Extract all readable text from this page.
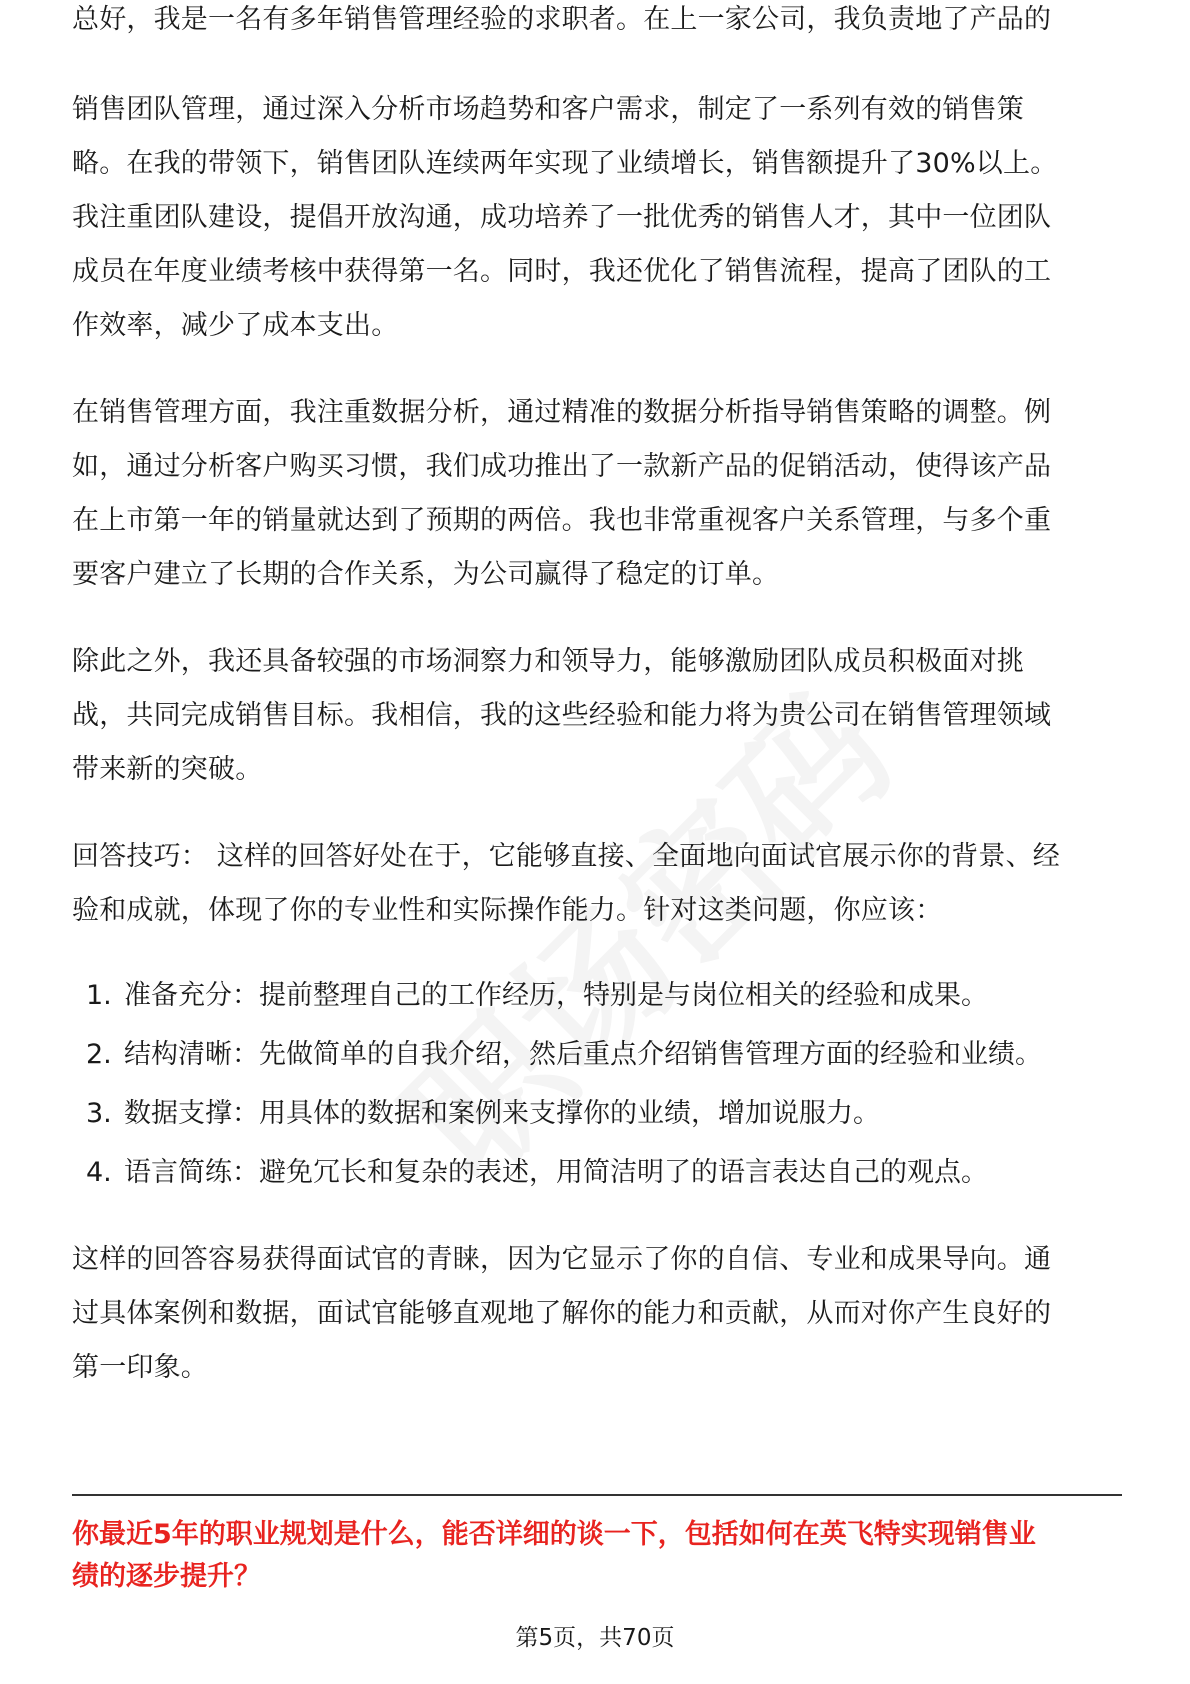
总好，我是一名有多年销售管理经验的求职者。在上一家公司，我负责地了产品的
销售团队管理，通过深入分析市场趋势和客户需求，制定了一系列有效的销售策
略。在我的带领下，销售团队连续两年实现了业绩增长，销售额提升了30%以上。
我注重团队建设，提倡开放沟通，成功培养了一批优秀的销售人才，其中一位团队
成员在年度业绩考核中获得第一名。同时，我还优化了销售流程，提高了团队的工
作效率，减少了成本支出。
在销售管理方面，我注重数据分析，通过精准的数据分析指导销售策略的调整。例
如，通过分析客户购买习惯，我们成功推出了一款新产品的促销活动，使得该产品
在上市第一年的销量就达到了预期的两倍。我也非常重视客户关系管理，与多个重
要客户建立了长期的合作关系，为公司赢得了稳定的订单。
除此之外，我还具备较强的市场洞察力和领导力，能够激励团队成员积极面对挑
战，共同完成销售目标。我相信，我的这些经验和能力将为贵公司在销售管理领域
带来新的突破。
回答技巧： 这样的回答好处在于，它能够直接、全面地向面试官展示你的背景、经
验和成就，体现了你的专业性和实际操作能力。针对这类问题，你应该：
1. 准备充分：提前整理自己的工作经历，特别是与岗位相关的经验和成果。
2. 结构清晰：先做简单的自我介绍，然后重点介绍销售管理方面的经验和业绩。
3. 数据支撑：用具体的数据和案例来支撑你的业绩，增加说服力。
4. 语言简练：避免冗长和复杂的表述，用简洁明了的语言表达自己的观点。
这样的回答容易获得面试官的青睐，因为它显示了你的自信、专业和成果导向。通
过具体案例和数据，面试官能够直观地了解你的能力和贡献，从而对你产生良好的
第一印象。
你最近5年的职业规划是什么，能否详细的谈一下，包括如何在英飞特实现销售业
绩的逐步提升？
第5页，共70页
